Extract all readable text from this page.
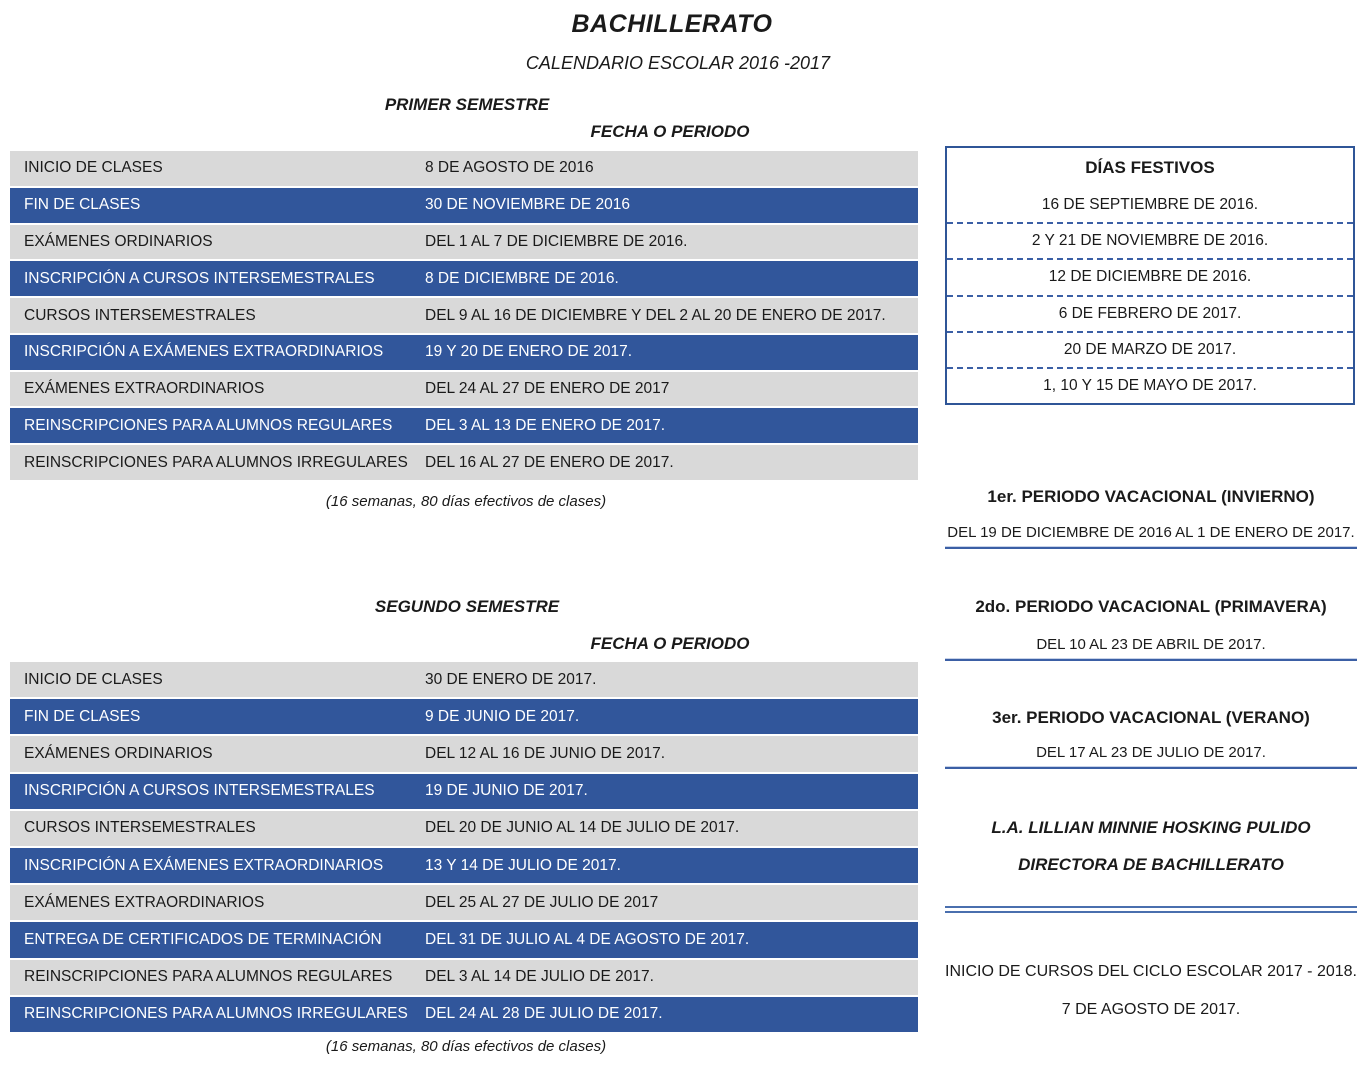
BACHILLERATO
CALENDARIO ESCOLAR 2016 -2017
PRIMER SEMESTRE
FECHA O PERIODO
INICIO DE CLASES	8 DE AGOSTO DE 2016
FIN DE CLASES	30 DE NOVIEMBRE DE 2016
EXÁMENES ORDINARIOS	DEL 1 AL 7 DE DICIEMBRE DE 2016.
INSCRIPCIÓN A CURSOS INTERSEMESTRALES	8 DE DICIEMBRE DE 2016.
CURSOS INTERSEMESTRALES	DEL 9 AL 16 DE DICIEMBRE Y DEL 2 AL 20 DE ENERO DE 2017.
INSCRIPCIÓN A EXÁMENES EXTRAORDINARIOS	19 Y 20 DE ENERO DE 2017.
EXÁMENES EXTRAORDINARIOS	DEL 24 AL 27 DE ENERO DE 2017
REINSCRIPCIONES PARA ALUMNOS REGULARES	DEL 3 AL 13 DE ENERO DE 2017.
REINSCRIPCIONES PARA ALUMNOS IRREGULARES	DEL 16 AL 27 DE ENERO DE 2017.
(16 semanas, 80 días efectivos de clases)
SEGUNDO SEMESTRE
FECHA O PERIODO
INICIO DE CLASES	30 DE ENERO DE 2017.
FIN DE CLASES	9 DE JUNIO DE 2017.
EXÁMENES ORDINARIOS	DEL 12 AL 16 DE JUNIO DE 2017.
INSCRIPCIÓN A CURSOS INTERSEMESTRALES	19 DE JUNIO DE 2017.
CURSOS INTERSEMESTRALES	DEL 20 DE JUNIO AL 14 DE JULIO DE 2017.
INSCRIPCIÓN A EXÁMENES EXTRAORDINARIOS	13 Y 14 DE JULIO DE 2017.
EXÁMENES EXTRAORDINARIOS	DEL 25 AL 27 DE JULIO DE 2017
ENTREGA DE CERTIFICADOS DE TERMINACIÓN	DEL 31 DE JULIO AL 4 DE AGOSTO DE 2017.
REINSCRIPCIONES PARA ALUMNOS REGULARES	DEL 3 AL 14 DE JULIO DE 2017.
REINSCRIPCIONES PARA ALUMNOS IRREGULARES	DEL 24 AL 28 DE JULIO DE 2017.
(16 semanas, 80 días efectivos de clases)
DÍAS FESTIVOS
16 DE SEPTIEMBRE DE 2016.
2 Y 21 DE NOVIEMBRE DE 2016.
12 DE DICIEMBRE DE 2016.
6 DE FEBRERO DE 2017.
20 DE MARZO DE 2017.
1, 10 Y 15 DE MAYO DE 2017.
1er. PERIODO VACACIONAL (INVIERNO)
DEL 19 DE DICIEMBRE DE 2016 AL 1 DE ENERO DE 2017.
2do. PERIODO VACACIONAL (PRIMAVERA)
DEL 10 AL 23 DE ABRIL DE 2017.
3er. PERIODO VACACIONAL (VERANO)
DEL 17 AL 23 DE JULIO DE 2017.
L.A. LILLIAN MINNIE HOSKING PULIDO
DIRECTORA DE BACHILLERATO
INICIO DE CURSOS DEL CICLO ESCOLAR 2017 - 2018.
7 DE AGOSTO DE 2017.
